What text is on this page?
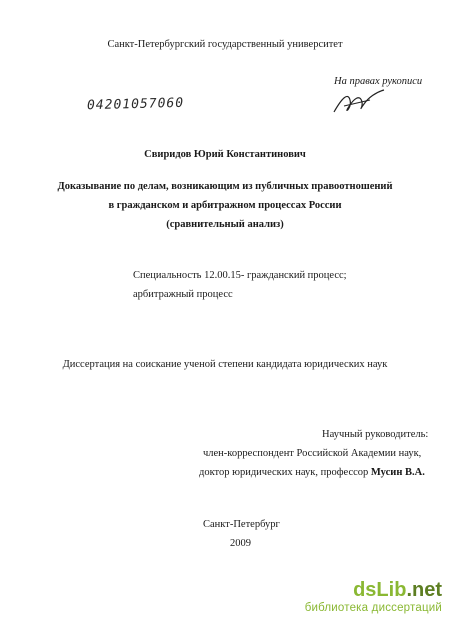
Санкт-Петербургский государственный университет
На правах рукописи
04201057060
Свиридов Юрий Константинович
Доказывание по делам, возникающим из публичных правоотношений
в гражданском и арбитражном процессах России
(сравнительный анализ)
Специальность 12.00.15- гражданский процесс;
арбитражный процесс
Диссертация на соискание ученой степени кандидата юридических наук
Научный руководитель:
член-корреспондент Российской Академии наук,
доктор юридических наук, профессор Мусин В.А.
Санкт-Петербург
2009
dsLib.net
библиотека диссертаций
